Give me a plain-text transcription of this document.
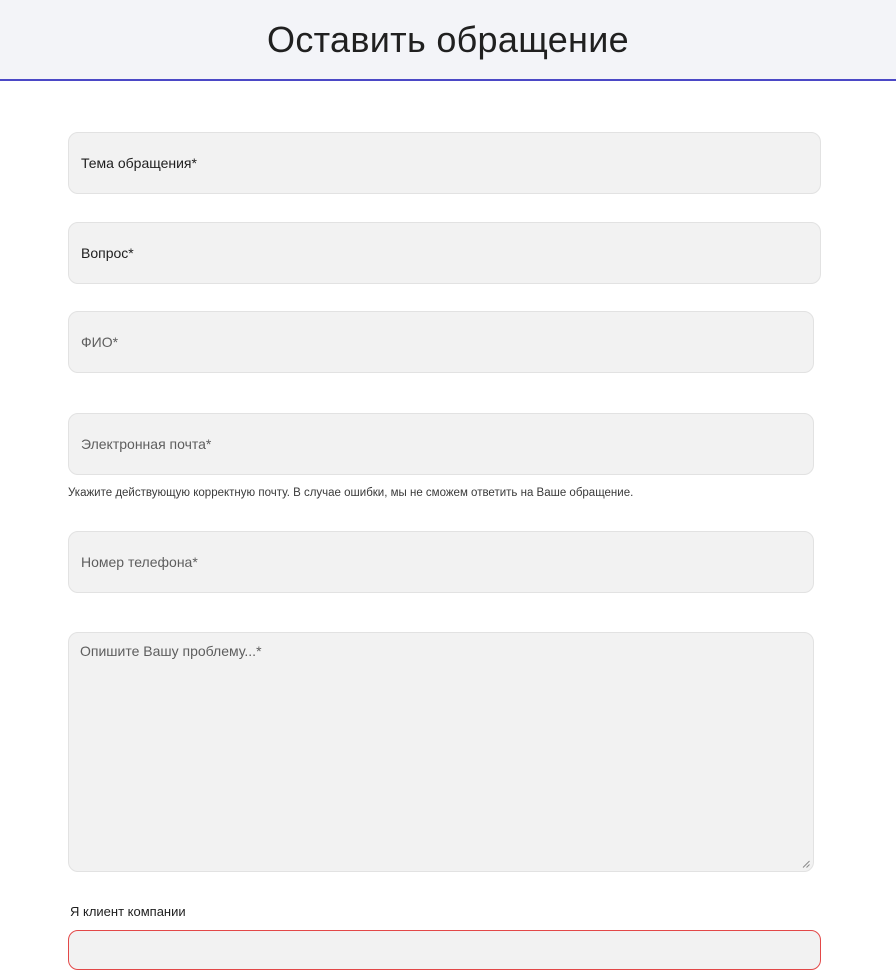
Оставить обращение
Тема обращения*
Вопрос*
ФИО*
Электронная почта*
Укажите действующую корректную почту. В случае ошибки, мы не сможем ответить на Ваше обращение.
Номер телефона*
Опишите Вашу проблему...*
Я клиент компании
